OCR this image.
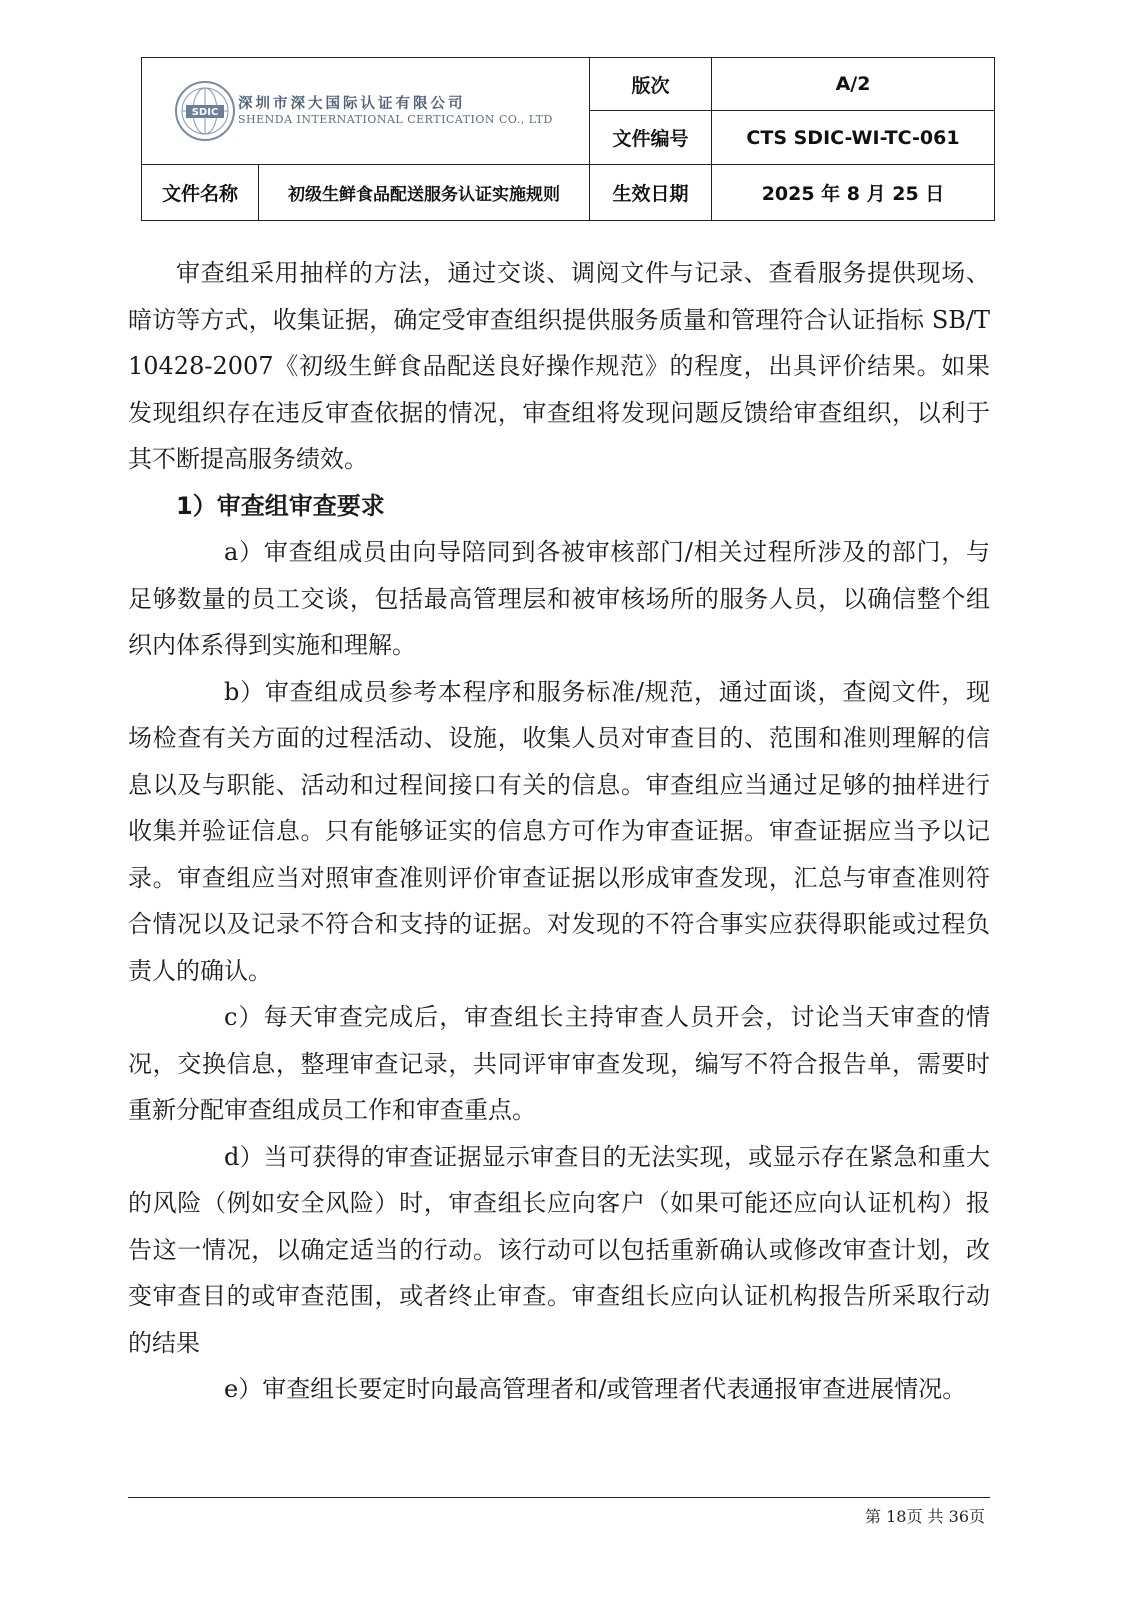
SDIC
深圳市深大国际认证有限公司
SHENDA INTERNATIONAL CERTICATION CO., LTD		版次	A/2
		文件编号	CTS SDIC-WI-TC-061
文件名称	初级生鲜食品配送服务认证实施规则	生效日期	2025 年 8 月 25 日

审查组采用抽样的方法，通过交谈、调阅文件与记录、查看服务提供现场、暗访等方式，收集证据，确定受审查组织提供服务质量和管理符合认证指标 SB/T 10428-2007《初级生鲜食品配送良好操作规范》的程度，出具评价结果。如果发现组织存在违反审查依据的情况，审查组将发现问题反馈给审查组织，以利于其不断提高服务绩效。

1）审查组审查要求

a）审查组成员由向导陪同到各被审核部门/相关过程所涉及的部门，与足够数量的员工交谈，包括最高管理层和被审核场所的服务人员，以确信整个组织内体系得到实施和理解。

b）审查组成员参考本程序和服务标准/规范，通过面谈，查阅文件，现场检查有关方面的过程活动、设施，收集人员对审查目的、范围和准则理解的信息以及与职能、活动和过程间接口有关的信息。审查组应当通过足够的抽样进行收集并验证信息。只有能够证实的信息方可作为审查证据。审查证据应当予以记录。审查组应当对照审查准则评价审查证据以形成审查发现，汇总与审查准则符合情况以及记录不符合和支持的证据。对发现的不符合事实应获得职能或过程负责人的确认。

c）每天审查完成后，审查组长主持审查人员开会，讨论当天审查的情况，交换信息，整理审查记录，共同评审审查发现，编写不符合报告单，需要时重新分配审查组成员工作和审查重点。

d）当可获得的审查证据显示审查目的无法实现，或显示存在紧急和重大的风险（例如安全风险）时，审查组长应向客户（如果可能还应向认证机构）报告这一情况，以确定适当的行动。该行动可以包括重新确认或修改审查计划，改变审查目的或审查范围，或者终止审查。审查组长应向认证机构报告所采取行动的结果

e）审查组长要定时向最高管理者和/或管理者代表通报审查进展情况。

第 18页 共 36页
